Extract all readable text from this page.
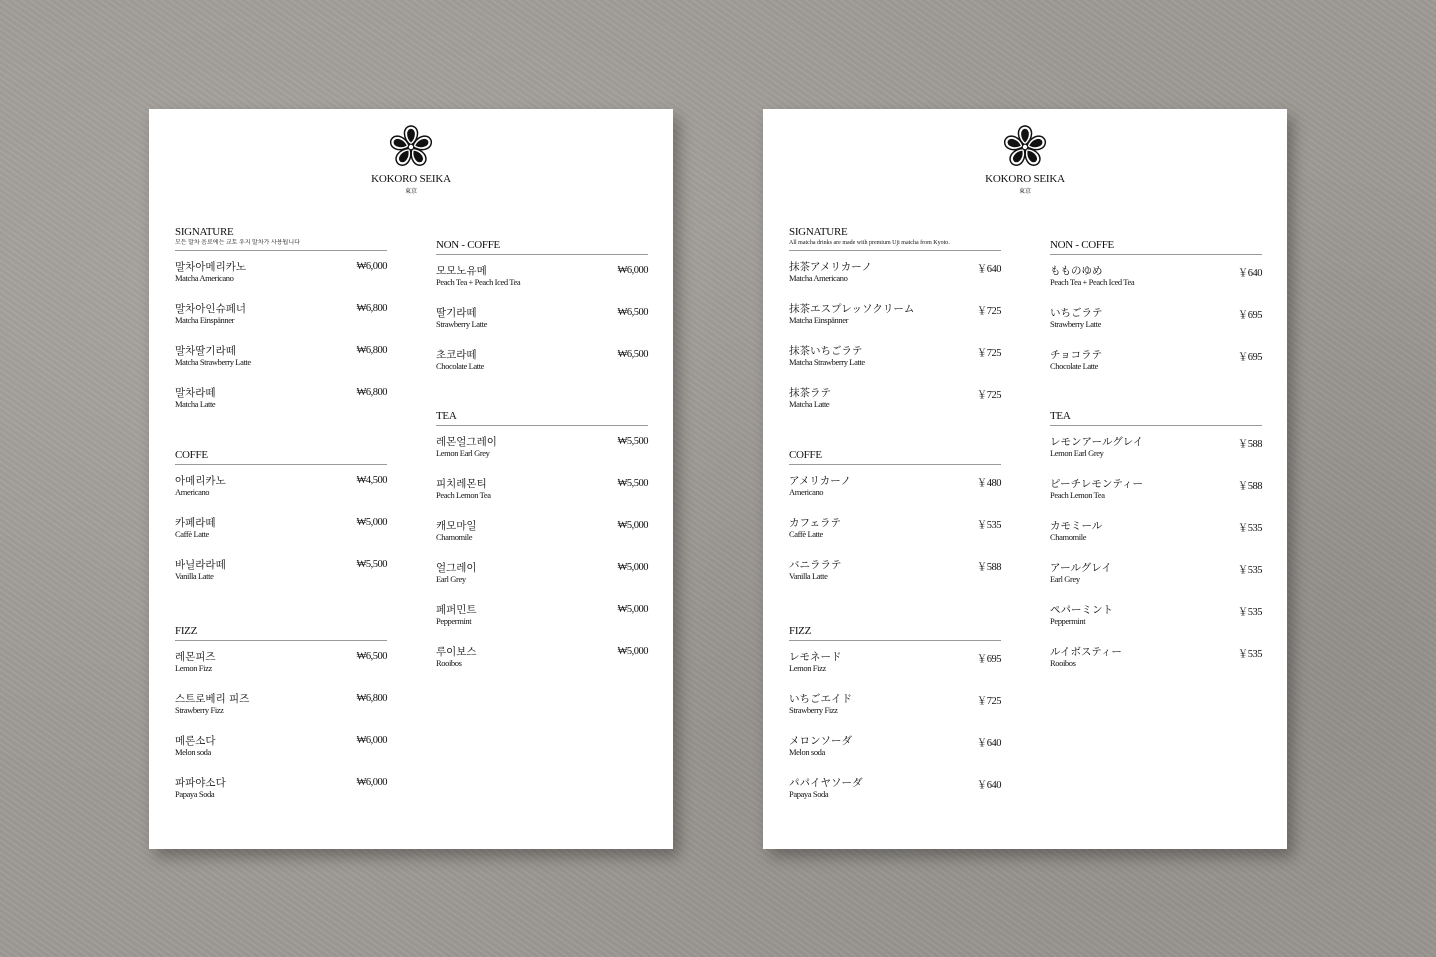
KOKORO SEIKA
東京
SIGNATURE
모든 말차 음료에는 교토 우지 말차가 사용됩니다
말차아메리카노
Matcha Americano
₩6,000
말차아인슈페너
Matcha Einspänner
₩6,800
말차딸기라떼
Matcha Strawberry Latte
₩6,800
말차라떼
Matcha Latte
₩6,800
COFFE
아메리카노
Americano
₩4,500
카페라떼
Caffè Latte
₩5,000
바닐라라떼
Vanilla Latte
₩5,500
FIZZ
레몬피즈
Lemon Fizz
₩6,500
스트로베리 피즈
Strawberry Fizz
₩6,800
메론소다
Melon soda
₩6,000
파파야소다
Papaya Soda
₩6,000
NON - COFFE
모모노유메
Peach Tea + Peach Iced Tea
₩6,000
딸기라떼
Strawberry Latte
₩6,500
초코라떼
Chocolate Latte
₩6,500
TEA
레몬얼그레이
Lemon Earl Grey
₩5,500
피치레몬티
Peach Lemon Tea
₩5,500
캐모마일
Chamomile
₩5,000
얼그레이
Earl Grey
₩5,000
페퍼민트
Peppermint
₩5,000
루이보스
Rooibos
₩5,000
KOKORO SEIKA
東京
SIGNATURE
All matcha drinks are made with premium Uji matcha from Kyoto.
抹茶アメリカーノ
Matcha Americano
￥640
抹茶エスプレッソクリーム
Matcha Einspänner
￥725
抹茶いちごラテ
Matcha Strawberry Latte
￥725
抹茶ラテ
Matcha Latte
￥725
COFFE
アメリカーノ
Americano
￥480
カフェラテ
Caffè Latte
￥535
バニララテ
Vanilla Latte
￥588
FIZZ
レモネード
Lemon Fizz
￥695
いちごエイド
Strawberry Fizz
￥725
メロンソーダ
Melon soda
￥640
パパイヤソーダ
Papaya Soda
￥640
NON - COFFE
もものゆめ
Peach Tea + Peach Iced Tea
￥640
いちごラテ
Strawberry Latte
￥695
チョコラテ
Chocolate Latte
￥695
TEA
レモンアールグレイ
Lemon Earl Grey
￥588
ピーチレモンティー
Peach Lemon Tea
￥588
カモミール
Chamomile
￥535
アールグレイ
Earl Grey
￥535
ペパーミント
Peppermint
￥535
ルイボスティー
Rooibos
￥535
